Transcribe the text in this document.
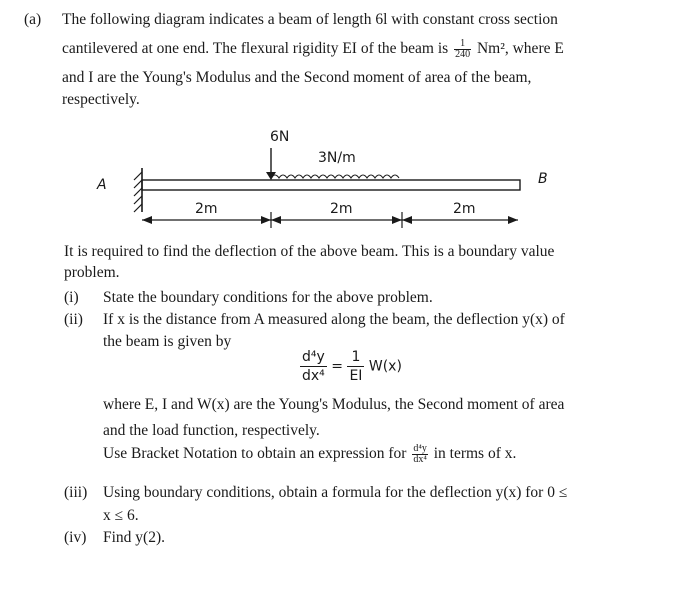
(a) The following diagram indicates a beam of length 6l with constant cross section
cantilevered at one end. The flexural rigidity EI of the beam is $\frac{1}{240} Nm^2$, where E
and I are the Young's Modulus and the Second moment of area of the beam,
respectively.
6N
3N/m
A	B
2m	2m	2m
It is required to find the deflection of the above beam. This is a boundary value
problem.
(i) State the boundary conditions for the above problem.
(ii) If x is the distance from A measured along the beam, the deflection y(x) of
the beam is given by
$\frac{\text{d⁴y}}{\text{dx⁴}} = \frac{1}{EI} W(x)$
where E, I and W(x) are the Young's Modulus, the Second moment of area
and the load function, respectively.
Use Bracket Notation to obtain an expression for $\frac{\text{d⁴y}}{\text{dx⁴}}$ in terms of x.
(iii) Using boundary conditions, obtain a formula for the deflection y(x) for 0 ≤
x ≤ 6.
(iv) Find y(2).
